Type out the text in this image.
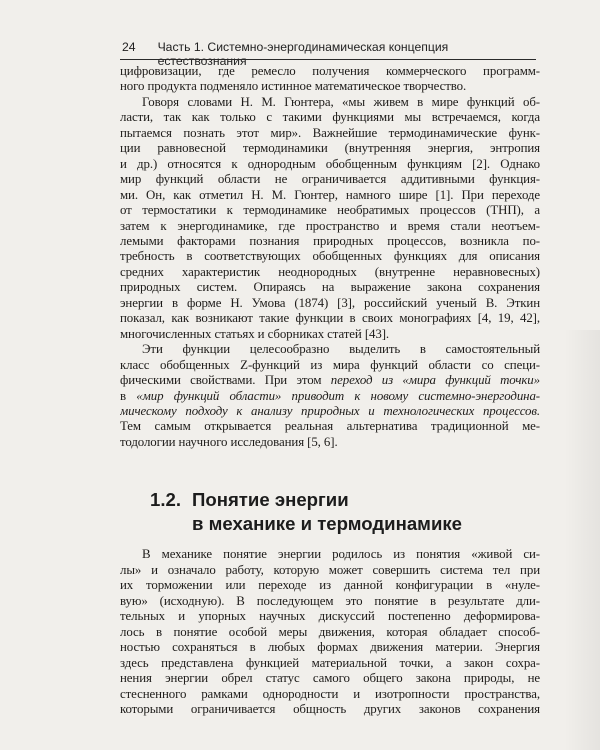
24 Часть 1. Системно-энергодинамическая концепция естествознания
цифровизации, где ремесло получения коммерческого программ-
ного продукта подменяло истинное математическое творчество.
Говоря словами Н. М. Гюнтера, «мы живем в мире функций об-
ласти, так как только с такими функциями мы встречаемся, когда
пытаемся познать этот мир». Важнейшие термодинамические функ-
ции равновесной термодинамики (внутренняя энергия, энтропия
и др.) относятся к однородным обобщенным функциям [2]. Однако
мир функций области не ограничивается аддитивными функция-
ми. Он, как отметил Н. М. Гюнтер, намного шире [1]. При переходе
от термостатики к термодинамике необратимых процессов (ТНП), а
затем к энергодинамике, где пространство и время стали неотъем-
лемыми факторами познания природных процессов, возникла по-
требность в соответствующих обобщенных функциях для описания
средних характеристик неоднородных (внутренне неравновесных)
природных систем. Опираясь на выражение закона сохранения
энергии в форме Н. Умова (1874) [3], российский ученый В. Эткин
показал, как возникают такие функции в своих монографиях [4, 19, 42],
многочисленных статьях и сборниках статей [43].
Эти функции целесообразно выделить в самостоятельный
класс обобщенных Z-функций из мира функций области со специ-
фическими свойствами. При этом переход из «мира функций точки»
в «мир функций области» приводит к новому системно-энергодина-
мическому подходу к анализу природных и технологических процессов.
Тем самым открывается реальная альтернатива традиционной ме-
тодологии научного исследования [5, 6].
1.2. Понятие энергии
в механике и термодинамике
В механике понятие энергии родилось из понятия «живой си-
лы» и означало работу, которую может совершить система тел при
их торможении или переходе из данной конфигурации в «нуле-
вую» (исходную). В последующем это понятие в результате дли-
тельных и упорных научных дискуссий постепенно деформирова-
лось в понятие особой меры движения, которая обладает способ-
ностью сохраняться в любых формах движения материи. Энергия
здесь представлена функцией материальной точки, а закон сохра-
нения энергии обрел статус самого общего закона природы, не
стесненного рамками однородности и изотропности пространства,
которыми ограничивается общность других законов сохранения
